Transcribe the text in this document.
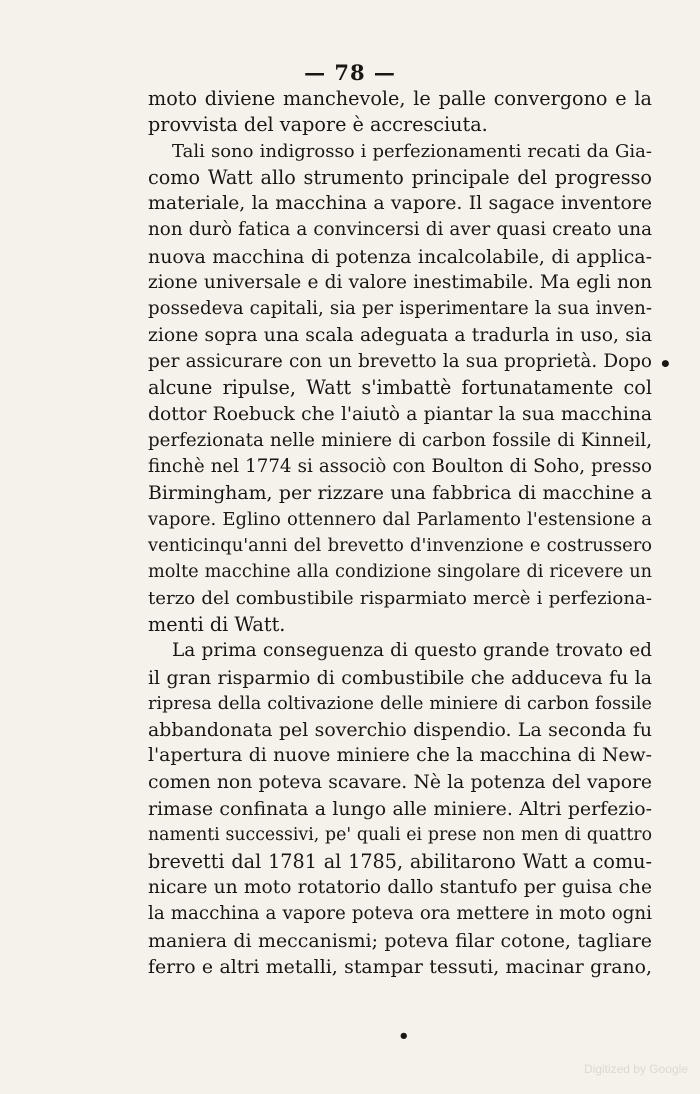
— 78 —
moto diviene manchevole, le palle convergono e la
provvista del vapore è accresciuta.
Tali sono indigrosso i perfezionamenti recati da Gia-
como Watt allo strumento principale del progresso
materiale, la macchina a vapore. Il sagace inventore
non durò fatica a convincersi di aver quasi creato una
nuova macchina di potenza incalcolabile, di applica-
zione universale e di valore inestimabile. Ma egli non
possedeva capitali, sia per isperimentare la sua inven-
zione sopra una scala adeguata a tradurla in uso, sia
per assicurare con un brevetto la sua proprietà. Dopo
alcune ripulse, Watt s'imbattè fortunatamente col
dottor Roebuck che l'aiutò a piantar la sua macchina
perfezionata nelle miniere di carbon fossile di Kinneil,
finchè nel 1774 si associò con Boulton di Soho, presso
Birmingham, per rizzare una fabbrica di macchine a
vapore. Eglino ottennero dal Parlamento l'estensione a
venticinqu'anni del brevetto d'invenzione e costrussero
molte macchine alla condizione singolare di ricevere un
terzo del combustibile risparmiato mercè i perfeziona-
menti di Watt.
La prima conseguenza di questo grande trovato ed
il gran risparmio di combustibile che adduceva fu la
ripresa della coltivazione delle miniere di carbon fossile
abbandonata pel soverchio dispendio. La seconda fu
l'apertura di nuove miniere che la macchina di New-
comen non poteva scavare. Nè la potenza del vapore
rimase confinata a lungo alle miniere. Altri perfezio-
namenti successivi, pe' quali ei prese non men di quattro
brevetti dal 1781 al 1785, abilitarono Watt a comu-
nicare un moto rotatorio dallo stantufo per guisa che
la macchina a vapore poteva ora mettere in moto ogni
maniera di meccanismi; poteva filar cotone, tagliare
ferro e altri metalli, stampar tessuti, macinar grano,
•
•
Digitized by Google
